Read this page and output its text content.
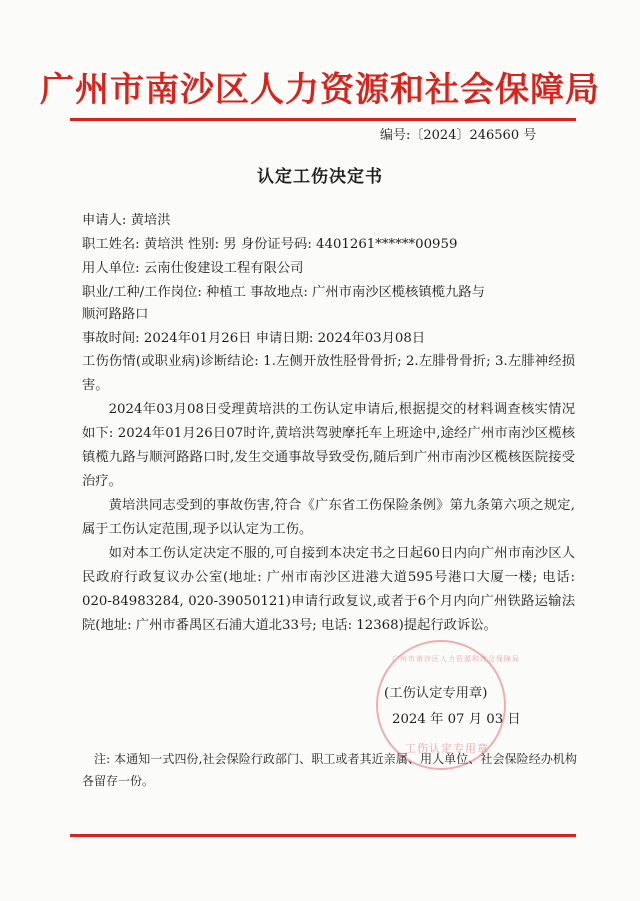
广州市南沙区人力资源和社会保障局
编号:〔2024〕246560 号
认定工伤决定书
申请人: 黄培洪
职工姓名: 黄培洪 性别: 男 身份证号码: 4401261******00959
用人单位: 云南仕俊建设工程有限公司
职业/工种/工作岗位: 种植工 事故地点: 广州市南沙区榄核镇榄九路与
顺河路路口
事故时间: 2024年01月26日 申请日期: 2024年03月08日
工伤伤情(或职业病)诊断结论: 1.左侧开放性胫骨骨折; 2.左腓骨骨折; 3.左腓神经损害。
2024年03月08日受理黄培洪的工伤认定申请后,根据提交的材料调查核实情况如下: 2024年01月26日07时许,黄培洪驾驶摩托车上班途中,途经广州市南沙区榄核镇榄九路与顺河路路口时,发生交通事故导致受伤,随后到广州市南沙区榄核医院接受治疗。
黄培洪同志受到的事故伤害,符合《广东省工伤保险条例》第九条第六项之规定,属于工伤认定范围,现予以认定为工伤。
如对本工伤认定决定不服的,可自接到本决定书之日起60日内向广州市南沙区人民政府行政复议办公室(地址: 广州市南沙区进港大道595号港口大厦一楼; 电话: 020-84983284, 020-39050121)申请行政复议,或者于6个月内向广州铁路运输法院(地址: 广州市番禺区石浦大道北33号; 电话: 12368)提起行政诉讼。
广州市南沙区人力资源和社会保障局
工伤认定专用章
(工伤认定专用章)
2024 年 07 月 03 日
注: 本通知一式四份,社会保险行政部门、职工或者其近亲属、用人单位、社会保险经办机构各留存一份。
